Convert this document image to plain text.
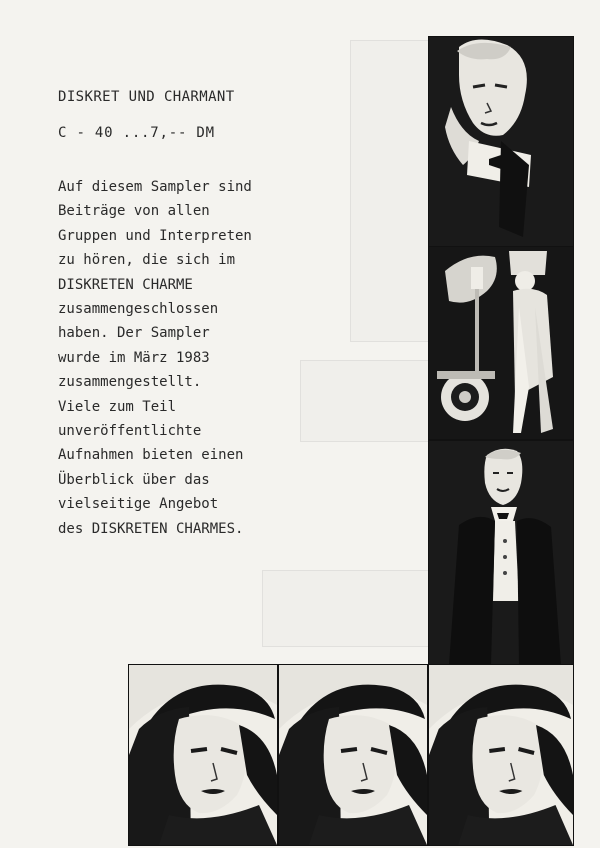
DISKRET UND CHARMANT
C - 40 ...7,-- DM
Auf diesem Sampler sind
Beiträge von allen
Gruppen und Interpreten
zu hören, die sich im
DISKRETEN CHARME
zusammengeschlossen
haben. Der Sampler
wurde im März 1983
zusammengestellt.
Viele zum Teil
unveröffentlichte
Aufnahmen bieten einen
Überblick über das
vielseitige Angebot
des DISKRETEN CHARMES.
